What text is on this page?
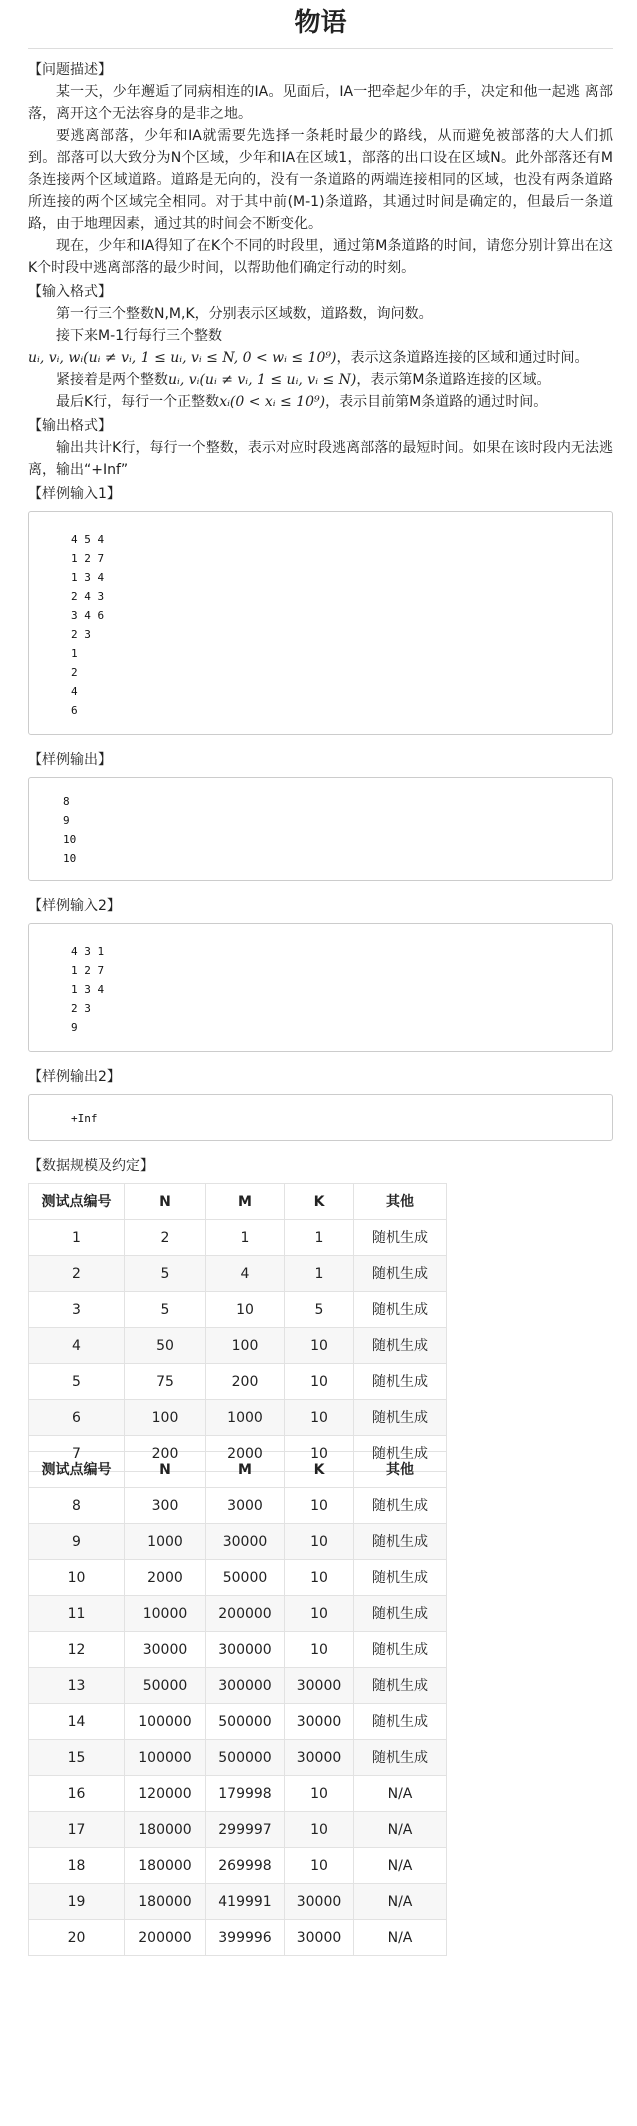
物语
【问题描述】

某一天，少年邂逅了同病相连的IA。见面后，IA一把牵起少年的手，决定和他一起逃 离部落，离开这个无法容身的是非之地。

要逃离部落，少年和IA就需要先选择一条耗时最少的路线，从而避免被部落的大人们抓到。部落可以大致分为N个区域，少年和IA在区域1，部落的出口设在区域N。此外部落还有M条连接两个区域道路。道路是无向的，没有一条道路的两端连接相同的区域，也没有两条道路所连接的两个区域完全相同。对于其中前(M-1)条道路，其通过时间是确定的，但最后一条道路，由于地理因素，通过其的时间会不断变化。

现在，少年和IA得知了在K个不同的时段里，通过第M条道路的时间，请您分别计算出在这K个时段中逃离部落的最少时间，以帮助他们确定行动的时刻。

【输入格式】

第一行三个整数N,M,K，分别表示区域数，道路数，询问数。

接下来M-1行每行三个整数

uᵢ, vᵢ, wᵢ(uᵢ ≠ vᵢ, 1 ≤ uᵢ, vᵢ ≤ N, 0 < wᵢ ≤ 10⁹)，表示这条道路连接的区域和通过时间。

紧接着是两个整数uᵢ, vᵢ(uᵢ ≠ vᵢ, 1 ≤ uᵢ, vᵢ ≤ N)，表示第M条道路连接的区域。

最后K行，每行一个正整数xᵢ(0 < xᵢ ≤ 10⁹)，表示目前第M条道路的通过时间。

【输出格式】

输出共计K行，每行一个整数，表示对应时段逃离部落的最短时间。如果在该时段内无法逃离，输出“+Inf”

【样例输入1】
4 5 4
1 2 7
1 3 4
2 4 3
3 4 6
2 3
1
2
4
6
【样例输出】
8
9
10
10
【样例输入2】
4 3 1
1 2 7
1 3 4
2 3
9
【样例输出2】
+Inf
【数据规模及约定】
测试点编号	N	M	K	其他
1	2	1	1	随机生成
2	5	4	1	随机生成
3	5	10	5	随机生成
4	50	100	10	随机生成
5	75	200	10	随机生成
6	100	1000	10	随机生成
7	200	2000	10	随机生成
测试点编号	N	M	K	其他
8	300	3000	10	随机生成
9	1000	30000	10	随机生成
10	2000	50000	10	随机生成
11	10000	200000	10	随机生成
12	30000	300000	10	随机生成
13	50000	300000	30000	随机生成
14	100000	500000	30000	随机生成
15	100000	500000	30000	随机生成
16	120000	179998	10	N/A
17	180000	299997	10	N/A
18	180000	269998	10	N/A
19	180000	419991	30000	N/A
20	200000	399996	30000	N/A
